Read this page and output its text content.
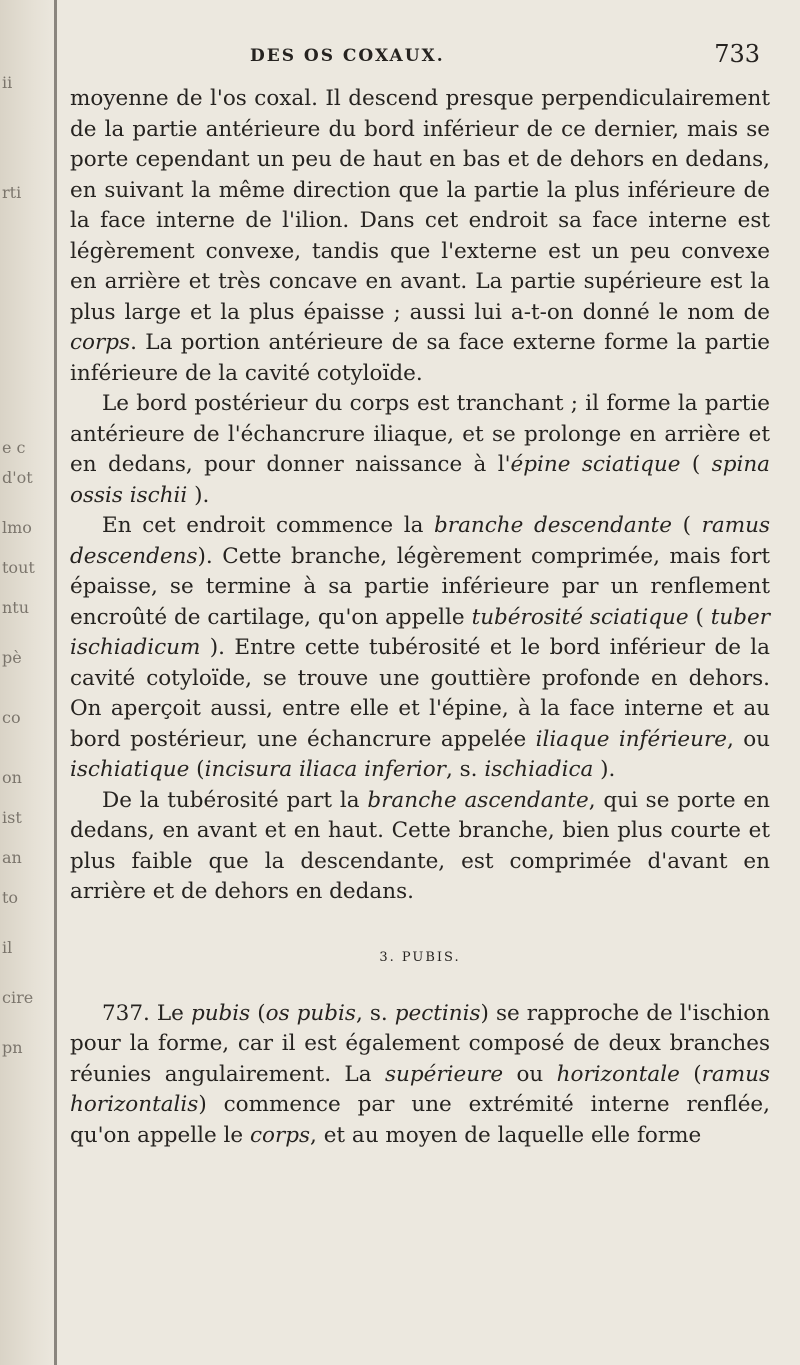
ii
rti
e c
d'ot
lmo
tout
ntu
pè
co
on
ist
an
to
il
cire
pn
DES OS COXAUX.	733

moyenne de l'os coxal. Il descend presque perpendiculairement de la partie antérieure du bord inférieur de ce dernier, mais se porte cependant un peu de haut en bas et de dehors en dedans, en suivant la même direction que la partie la plus inférieure de la face interne de l'ilion. Dans cet endroit sa face interne est légèrement convexe, tandis que l'externe est un peu convexe en arrière et très concave en avant. La partie supérieure est la plus large et la plus épaisse ; aussi lui a-t-on donné le nom de corps. La portion antérieure de sa face externe forme la partie inférieure de la cavité cotyloïde.

Le bord postérieur du corps est tranchant ; il forme la partie antérieure de l'échancrure iliaque, et se prolonge en arrière et en dedans, pour donner naissance à l'épine sciatique ( spina ossis ischii ).

En cet endroit commence la branche descendante ( ramus descendens). Cette branche, légèrement comprimée, mais fort épaisse, se termine à sa partie inférieure par un renflement encroûté de cartilage, qu'on appelle tubérosité sciatique ( tuber ischiadicum ). Entre cette tubérosité et le bord inférieur de la cavité cotyloïde, se trouve une gouttière profonde en dehors. On aperçoit aussi, entre elle et l'épine, à la face interne et au bord postérieur, une échancrure appelée iliaque inférieure, ou ischiatique (incisura iliaca inferior, s. ischiadica ).

De la tubérosité part la branche ascendante, qui se porte en dedans, en avant et en haut. Cette branche, bien plus courte et plus faible que la descendante, est comprimée d'avant en arrière et de dehors en dedans.

3. PUBIS.

737. Le pubis (os pubis, s. pectinis) se rapproche de l'ischion pour la forme, car il est également composé de deux branches réunies angulairement. La supérieure ou horizontale (ramus horizontalis) commence par une extrémité interne renflée, qu'on appelle le corps, et au moyen de laquelle elle forme
